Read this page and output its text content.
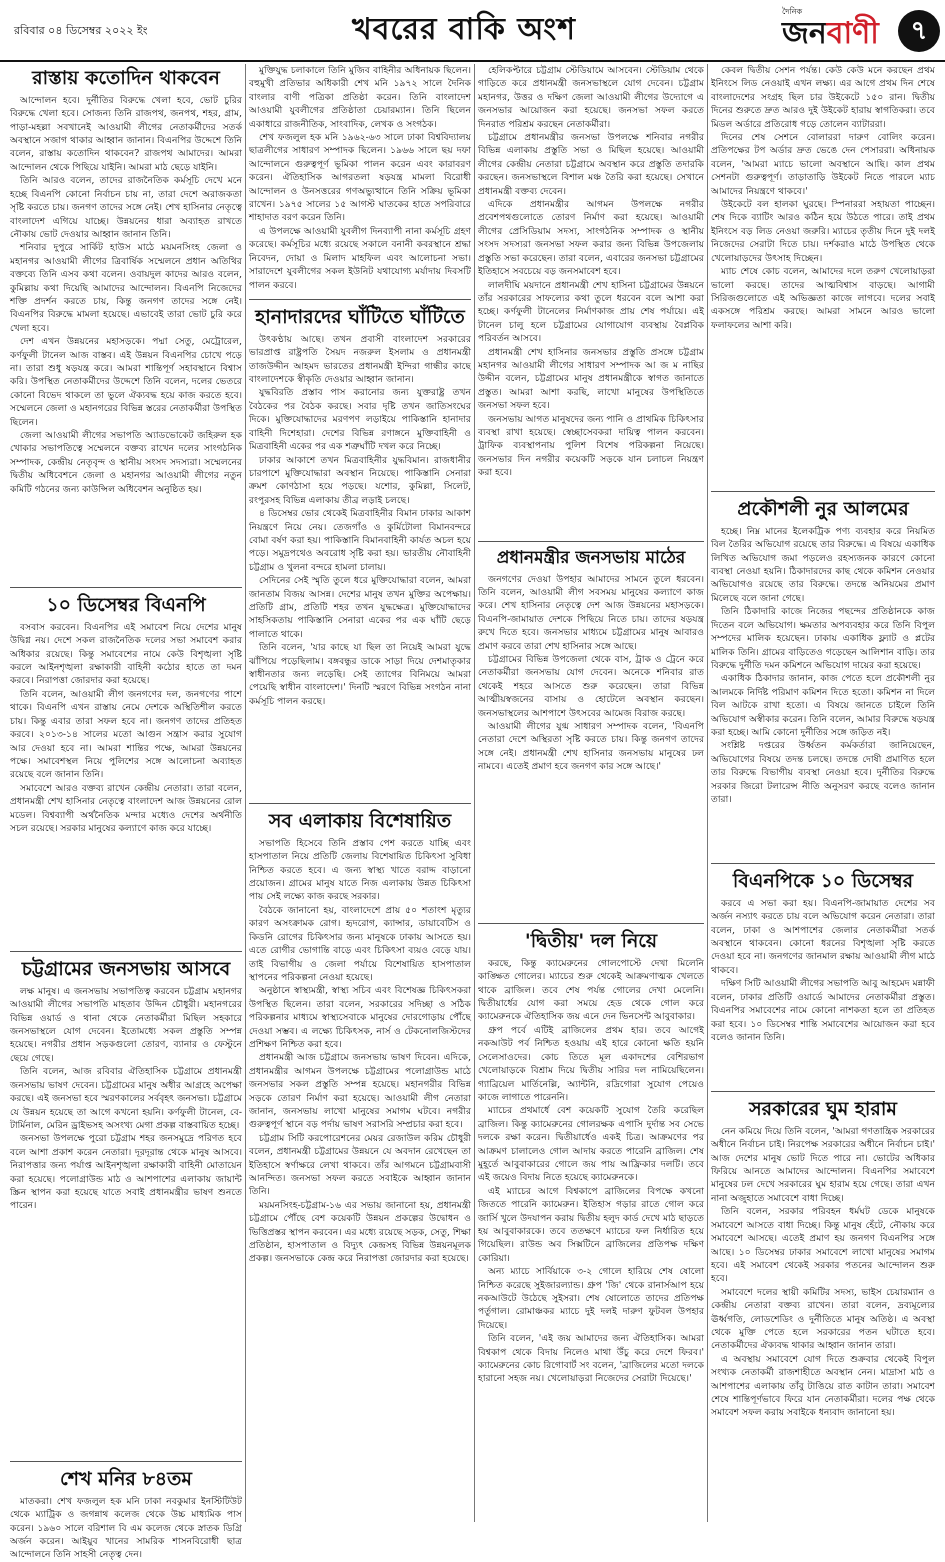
রবিবার ০৪ ডিসেম্বর ২০২২ ইং	খবরের বাকি অংশ
দৈনিক
জনবাণী	৭
রাস্তায় কতোদিন থাকবেন

আন্দোলন হবে। দুর্নীতির বিরুদ্ধে খেলা হবে, ভোট চুরির বিরুদ্ধে খেলা হবে। সোজন্য তিনি রাজপথ, জনপথ, শহর, গ্রাম, পাড়া-মহল্লা সবখানেই আওয়ামী লীগের নেতাকর্মীদের সতর্ক অবস্থানে সজাগ থাকার আহ্বান জানান। বিএনপির উদ্দেশে তিনি বলেন, রাস্তায় কতোদিন থাকবেন? রাজপথ আমাদের। আমরা আন্দোলন থেকে পিছিয়ে যাইনি। আমরা মাঠ ছেড়ে যাইনি।

তিনি আরও বলেন, তাদের রাজনৈতিক কর্মসূচি দেখে মনে হচ্ছে বিএনপি কোনো নির্বাচন চায় না, তারা দেশে অরাজকতা সৃষ্টি করতে চায়। জনগণ তাদের সঙ্গে নেই। শেখ হাসিনার নেতৃত্বে বাংলাদেশ এগিয়ে যাচ্ছে। উন্নয়নের ধারা অব্যাহত রাখতে নৌকায় ভোট দেওয়ার আহ্বান জানান তিনি।

শনিবার দুপুরে সার্কিট হাউস মাঠে ময়মনসিংহ জেলা ও মহানগর আওয়ামী লীগের ত্রিবার্ষিক সম্মেলনে প্রধান অতিথির বক্তব্যে তিনি এসব কথা বলেন। ওবায়দুল কাদের আরও বলেন, কুমিল্লায় কথা দিয়েছি আমাদের আন্দোলন। বিএনপি নিজেদের শক্তি প্রদর্শন করতে চায়, কিন্তু জনগণ তাদের সঙ্গে নেই। বিএনপির বিরুদ্ধে মামলা হয়েছে। এভাবেই তারা ভোট চুরি করে খেলা হবে।

দেশ এখন উন্নয়নের মহাসড়কে। পদ্মা সেতু, মেট্রোরেল, কর্ণফুলী টানেল আজ বাস্তব। এই উন্নয়ন বিএনপির চোখে পড়ে না। তারা শুধু ষড়যন্ত্র করে। আমরা শান্তিপূর্ণ সহাবস্থানে বিশ্বাস করি। উপস্থিত নেতাকর্মীদের উদ্দেশে তিনি বলেন, দলের ভেতরে কোনো বিভেদ থাকলে তা ভুলে ঐক্যবদ্ধ হয়ে কাজ করতে হবে। সম্মেলনে জেলা ও মহানগরের বিভিন্ন স্তরের নেতাকর্মীরা উপস্থিত ছিলেন।

জেলা আওয়ামী লীগের সভাপতি অ্যাডভোকেট জহিরুল হক খোকার সভাপতিত্বে সম্মেলনে বক্তব্য রাখেন দলের সাংগঠনিক সম্পাদক, কেন্দ্রীয় নেতৃবৃন্দ ও স্থানীয় সংসদ সদস্যরা। সম্মেলনের দ্বিতীয় অধিবেশনে জেলা ও মহানগর আওয়ামী লীগের নতুন কমিটি গঠনের জন্য কাউন্সিল অধিবেশন অনুষ্ঠিত হয়।

১০ ডিসেম্বর বিএনপি

বসবাস করবেন। বিএনপির এই সমাবেশ নিয়ে দেশের মানুষ উদ্বিগ্ন নয়। দেশে সকল রাজনৈতিক দলের সভা সমাবেশ করার অধিকার রয়েছে। কিন্তু সমাবেশের নামে কেউ বিশৃঙ্খলা সৃষ্টি করলে আইনশৃঙ্খলা রক্ষাকারী বাহিনী কঠোর হাতে তা দমন করবে। নিরাপত্তা জোরদার করা হয়েছে।

তিনি বলেন, আওয়ামী লীগ জনগণের দল, জনগণের পাশে থাকে। বিএনপি এখন রাস্তায় নেমে দেশকে অস্থিতিশীল করতে চায়। কিন্তু এবার তারা সফল হবে না। জনগণ তাদের প্রতিহত করবে। ২০১৩-১৪ সালের মতো আগুন সন্ত্রাস করার সুযোগ আর দেওয়া হবে না। আমরা শান্তির পক্ষে, আমরা উন্নয়নের পক্ষে। সমাবেশস্থল নিয়ে পুলিশের সঙ্গে আলোচনা অব্যাহত রয়েছে বলে জানান তিনি।

সমাবেশে আরও বক্তব্য রাখেন কেন্দ্রীয় নেতারা। তারা বলেন, প্রধানমন্ত্রী শেখ হাসিনার নেতৃত্বে বাংলাদেশ আজ উন্নয়নের রোল মডেল। বিশ্বব্যাপী অর্থনৈতিক মন্দার মধ্যেও দেশের অর্থনীতি সচল রয়েছে। সরকার মানুষের কল্যাণে কাজ করে যাচ্ছে।

চট্টগ্রামের জনসভায় আসবে

লক্ষ মানুষ। এ জনসভায় সভাপতিত্ব করবেন চট্টগ্রাম মহানগর আওয়ামী লীগের সভাপতি মাহতাব উদ্দিন চৌধুরী। মহানগরের বিভিন্ন ওয়ার্ড ও থানা থেকে নেতাকর্মীরা মিছিল সহকারে জনসভাস্থলে যোগ দেবেন। ইতোমধ্যে সকল প্রস্তুতি সম্পন্ন হয়েছে। নগরীর প্রধান সড়কগুলো তোরণ, ব্যানার ও ফেস্টুনে ছেয়ে গেছে।

তিনি বলেন, আজ রবিবার ঐতিহাসিক চট্টগ্রামে প্রধানমন্ত্রী জনসভায় ভাষণ দেবেন। চট্টগ্রামের মানুষ অধীর আগ্রহে অপেক্ষা করছে। এই জনসভা হবে স্মরণকালের সর্ববৃহৎ জনসভা। চট্টগ্রামে যে উন্নয়ন হয়েছে তা আগে কখনো হয়নি। কর্ণফুলী টানেল, বে-টার্মিনাল, মেরিন ড্রাইভসহ অসংখ্য মেগা প্রকল্প বাস্তবায়িত হচ্ছে।

জনসভা উপলক্ষে পুরো চট্টগ্রাম শহর জনসমুদ্রে পরিণত হবে বলে আশা প্রকাশ করেন নেতারা। দূরদূরান্ত থেকে মানুষ আসবে। নিরাপত্তার জন্য পর্যাপ্ত আইনশৃঙ্খলা রক্ষাকারী বাহিনী মোতায়েন করা হয়েছে। পলোগ্রাউন্ড মাঠ ও আশপাশের এলাকায় জায়ান্ট স্ক্রিন স্থাপন করা হয়েছে যাতে সবাই প্রধানমন্ত্রীর ভাষণ শুনতে পারেন।

শেখ মনির ৮৪তম

মাতকরা। শেখ ফজলুল হক মনি ঢাকা নবকুমার ইনস্টিটিউট থেকে ম্যাট্রিক ও জগন্নাথ কলেজ থেকে উচ্চ মাধ্যমিক পাস করেন। ১৯৬০ সালে বরিশাল বি এম কলেজ থেকে স্নাতক ডিগ্রি অর্জন করেন। আইয়ুব খানের সামরিক শাসনবিরোধী ছাত্র আন্দোলনে তিনি সাহসী নেতৃত্ব দেন।

মুক্তিযুদ্ধ চলাকালে তিনি মুজিব বাহিনীর অধিনায়ক ছিলেন। বহুমুখী প্রতিভার অধিকারী শেখ মনি ১৯৭২ সালে দৈনিক বাংলার বাণী পত্রিকা প্রতিষ্ঠা করেন। তিনি বাংলাদেশ আওয়ামী যুবলীগের প্রতিষ্ঠাতা চেয়ারম্যান। তিনি ছিলেন একাধারে রাজনীতিক, সাংবাদিক, লেখক ও সংগঠক।

শেখ ফজলুল হক মনি ১৯৬২-৬৩ সালে ঢাকা বিশ্ববিদ্যালয় ছাত্রলীগের সাধারণ সম্পাদক ছিলেন। ১৯৬৬ সালে ছয় দফা আন্দোলনে গুরুত্বপূর্ণ ভূমিকা পালন করেন এবং কারাবরণ করেন। ঐতিহাসিক আগরতলা ষড়যন্ত্র মামলা বিরোধী আন্দোলন ও উনসত্তরের গণঅভ্যুত্থানে তিনি সক্রিয় ভূমিকা রাখেন। ১৯৭৫ সালের ১৫ আগস্ট ঘাতকের হাতে সপরিবারে শাহাদাত বরণ করেন তিনি।

এ উপলক্ষে আওয়ামী যুবলীগ দিনব্যাপী নানা কর্মসূচি গ্রহণ করেছে। কর্মসূচির মধ্যে রয়েছে সকালে বনানী কবরস্থানে শ্রদ্ধা নিবেদন, দোয়া ও মিলাদ মাহফিল এবং আলোচনা সভা। সারাদেশে যুবলীগের সকল ইউনিট যথাযোগ্য মর্যাদায় দিবসটি পালন করবে।

হানাদারদের ঘাঁটিতে ঘাঁটিতে

উৎকণ্ঠায় আছে। তখন প্রবাসী বাংলাদেশ সরকারের ভারপ্রাপ্ত রাষ্ট্রপতি সৈয়দ নজরুল ইসলাম ও প্রধানমন্ত্রী তাজউদ্দীন আহমদ ভারতের প্রধানমন্ত্রী ইন্দিরা গান্ধীর কাছে বাংলাদেশকে স্বীকৃতি দেওয়ার আহ্বান জানান।

যুদ্ধবিরতি প্রস্তাব পাস করানোর জন্য যুক্তরাষ্ট্র তখন বৈঠকের পর বৈঠক করছে। সবার দৃষ্টি তখন জাতিসংঘের দিকে। মুক্তিযোদ্ধাদের মরণপণ লড়াইয়ে পাকিস্তানি হানাদার বাহিনী দিশেহারা। দেশের বিভিন্ন রণাঙ্গনে মুক্তিবাহিনী ও মিত্রবাহিনী একের পর এক শত্রুঘাঁটি দখল করে নিচ্ছে।

ঢাকার আকাশে তখন মিত্রবাহিনীর যুদ্ধবিমান। রাজধানীর চারপাশে মুক্তিযোদ্ধারা অবস্থান নিয়েছে। পাকিস্তানি সেনারা ক্রমশ কোণঠাসা হয়ে পড়ছে। যশোর, কুমিল্লা, সিলেট, রংপুরসহ বিভিন্ন এলাকায় তীব্র লড়াই চলছে।

৪ ডিসেম্বর ভোর থেকেই মিত্রবাহিনীর বিমান ঢাকার আকাশ নিয়ন্ত্রণে নিয়ে নেয়। তেজগাঁও ও কুর্মিটোলা বিমানবন্দরে বোমা বর্ষণ করা হয়। পাকিস্তানি বিমানবাহিনী কার্যত অচল হয়ে পড়ে। সমুদ্রপথেও অবরোধ সৃষ্টি করা হয়। ভারতীয় নৌবাহিনী চট্টগ্রাম ও খুলনা বন্দরে হামলা চালায়।

সেদিনের সেই স্মৃতি তুলে ধরে মুক্তিযোদ্ধারা বলেন, আমরা জানতাম বিজয় আসন্ন। দেশের মানুষ তখন মুক্তির অপেক্ষায়। প্রতিটি গ্রাম, প্রতিটি শহর তখন যুদ্ধক্ষেত্র। মুক্তিযোদ্ধাদের সাহসিকতায় পাকিস্তানি সেনারা একের পর এক ঘাঁটি ছেড়ে পালাতে থাকে।

তিনি বলেন, 'যার কাছে যা ছিল তা নিয়েই আমরা যুদ্ধে ঝাঁপিয়ে পড়েছিলাম। বঙ্গবন্ধুর ডাকে সাড়া দিয়ে দেশমাতৃকার স্বাধীনতার জন্য লড়েছি। সেই ত্যাগের বিনিময়ে আমরা পেয়েছি স্বাধীন বাংলাদেশ।' দিনটি স্মরণে বিভিন্ন সংগঠন নানা কর্মসূচি পালন করছে।

সব এলাকায় বিশেষায়িত

সভাপতি হিসেবে তিনি প্রস্তাব পেশ করতে যাচ্ছি এবং হাসপাতাল নিয়ে প্রতিটি জেলায় বিশেষায়িত চিকিৎসা সুবিধা নিশ্চিত করতে হবে। এ জন্য স্বাস্থ্য খাতে বরাদ্দ বাড়ানো প্রয়োজন। গ্রামের মানুষ যাতে নিজ এলাকায় উন্নত চিকিৎসা পায় সেই লক্ষ্যে কাজ করছে সরকার।

বৈঠকে জানানো হয়, বাংলাদেশে প্রায় ৫০ শতাংশ মৃত্যুর কারণ অসংক্রামক রোগ। হৃদরোগ, ক্যান্সার, ডায়াবেটিস ও কিডনি রোগের চিকিৎসার জন্য মানুষকে ঢাকায় আসতে হয়। এতে রোগীর ভোগান্তি বাড়ে এবং চিকিৎসা ব্যয়ও বেড়ে যায়। তাই বিভাগীয় ও জেলা পর্যায়ে বিশেষায়িত হাসপাতাল স্থাপনের পরিকল্পনা নেওয়া হয়েছে।

অনুষ্ঠানে স্বাস্থ্যমন্ত্রী, স্বাস্থ্য সচিব এবং বিশেষজ্ঞ চিকিৎসকরা উপস্থিত ছিলেন। তারা বলেন, সরকারের সদিচ্ছা ও সঠিক পরিকল্পনার মাধ্যমে স্বাস্থ্যসেবাকে মানুষের দোরগোড়ায় পৌঁছে দেওয়া সম্ভব। এ লক্ষ্যে চিকিৎসক, নার্স ও টেকনোলজিস্টদের প্রশিক্ষণ নিশ্চিত করা হবে।

প্রধানমন্ত্রী আজ চট্টগ্রামে জনসভায় ভাষণ দিবেন। এদিকে, প্রধানমন্ত্রীর আগমন উপলক্ষে চট্টগ্রামের পলোগ্রাউন্ড মাঠে জনসভার সকল প্রস্তুতি সম্পন্ন হয়েছে। মহানগরীর বিভিন্ন সড়কে তোরণ নির্মাণ করা হয়েছে। আওয়ামী লীগ নেতারা জানান, জনসভায় লাখো মানুষের সমাগম ঘটবে। নগরীর গুরুত্বপূর্ণ স্থানে বড় পর্দায় ভাষণ সরাসরি সম্প্রচার করা হবে।

চট্টগ্রাম সিটি করপোরেশনের মেয়র রেজাউল করিম চৌধুরী বলেন, প্রধানমন্ত্রী চট্টগ্রামের উন্নয়নে যে অবদান রেখেছেন তা ইতিহাসে স্বর্ণাক্ষরে লেখা থাকবে। তাঁর আগমনে চট্টগ্রামবাসী আনন্দিত। জনসভা সফল করতে সবাইকে আহ্বান জানান তিনি।

ময়মনসিংহ-চট্টগ্রাম-১৬ এর সভায় জানানো হয়, প্রধানমন্ত্রী চট্টগ্রামে পৌঁছে বেশ কয়েকটি উন্নয়ন প্রকল্পের উদ্বোধন ও ভিত্তিপ্রস্তর স্থাপন করবেন। এর মধ্যে রয়েছে সড়ক, সেতু, শিক্ষা প্রতিষ্ঠান, হাসপাতাল ও বিদ্যুৎ কেন্দ্রসহ বিভিন্ন উন্নয়নমূলক প্রকল্প। জনসভাকে কেন্দ্র করে নিরাপত্তা জোরদার করা হয়েছে।

হেলিকপ্টারে চট্টগ্রাম স্টেডিয়ামে আসবেন। স্টেডিয়াম থেকে গাড়িতে করে প্রধানমন্ত্রী জনসভাস্থলে যোগ দেবেন। চট্টগ্রাম মহানগর, উত্তর ও দক্ষিণ জেলা আওয়ামী লীগের উদ্যোগে এ জনসভার আয়োজন করা হয়েছে। জনসভা সফল করতে দিনরাত পরিশ্রম করছেন নেতাকর্মীরা।

চট্টগ্রামে প্রধানমন্ত্রীর জনসভা উপলক্ষে শনিবার নগরীর বিভিন্ন এলাকায় প্রস্তুতি সভা ও মিছিল হয়েছে। আওয়ামী লীগের কেন্দ্রীয় নেতারা চট্টগ্রামে অবস্থান করে প্রস্তুতি তদারকি করছেন। জনসভাস্থলে বিশাল মঞ্চ তৈরি করা হয়েছে। সেখানে প্রধানমন্ত্রী বক্তব্য দেবেন।

এদিকে প্রধানমন্ত্রীর আগমন উপলক্ষে নগরীর প্রবেশপথগুলোতে তোরণ নির্মাণ করা হয়েছে। আওয়ামী লীগের প্রেসিডিয়াম সদস্য, সাংগঠনিক সম্পাদক ও স্থানীয় সংসদ সদস্যরা জনসভা সফল করার জন্য বিভিন্ন উপজেলায় প্রস্তুতি সভা করেছেন। তারা বলেন, এবারের জনসভা চট্টগ্রামের ইতিহাসে সবচেয়ে বড় জনসমাবেশ হবে।

লালদীঘি ময়দানে প্রধানমন্ত্রী শেখ হাসিনা চট্টগ্রামের উন্নয়নে তাঁর সরকারের সাফল্যের কথা তুলে ধরবেন বলে আশা করা হচ্ছে। কর্ণফুলী টানেলের নির্মাণকাজ প্রায় শেষ পর্যায়ে। এই টানেল চালু হলে চট্টগ্রামের যোগাযোগ ব্যবস্থায় বৈপ্লবিক পরিবর্তন আসবে।

প্রধানমন্ত্রী শেখ হাসিনার জনসভার প্রস্তুতি প্রসঙ্গে চট্টগ্রাম মহানগর আওয়ামী লীগের সাধারণ সম্পাদক আ জ ম নাছির উদ্দীন বলেন, চট্টগ্রামের মানুষ প্রধানমন্ত্রীকে স্বাগত জানাতে প্রস্তুত। আমরা আশা করছি, লাখো মানুষের উপস্থিতিতে জনসভা সফল হবে।

জনসভায় আগত মানুষদের জন্য পানি ও প্রাথমিক চিকিৎসার ব্যবস্থা রাখা হয়েছে। স্বেচ্ছাসেবকরা দায়িত্ব পালন করবেন। ট্রাফিক ব্যবস্থাপনায় পুলিশ বিশেষ পরিকল্পনা নিয়েছে। জনসভার দিন নগরীর কয়েকটি সড়কে যান চলাচল নিয়ন্ত্রণ করা হবে।

প্রধানমন্ত্রীর জনসভায় মাঠের

জনগণের দেওয়া উপহার আমাদের সামনে তুলে ধরবেন। তিনি বলেন, আওয়ামী লীগ সবসময় মানুষের কল্যাণে কাজ করে। শেখ হাসিনার নেতৃত্বে দেশ আজ উন্নয়নের মহাসড়কে। বিএনপি-জামায়াত দেশকে পিছিয়ে নিতে চায়। তাদের ষড়যন্ত্র রুখে দিতে হবে। জনসভার মাধ্যমে চট্টগ্রামের মানুষ আবারও প্রমাণ করবে তারা শেখ হাসিনার সঙ্গে আছে।

চট্টগ্রামের বিভিন্ন উপজেলা থেকে বাস, ট্রাক ও ট্রেনে করে নেতাকর্মীরা জনসভায় যোগ দেবেন। অনেকে শনিবার রাত থেকেই শহরে আসতে শুরু করেছেন। তারা বিভিন্ন আত্মীয়স্বজনের বাসায় ও হোটেলে অবস্থান করছেন। জনসভাস্থলের আশপাশে উৎসবের আমেজ বিরাজ করছে।

আওয়ামী লীগের যুগ্ম সাধারণ সম্পাদক বলেন, 'বিএনপি নেতারা দেশে অস্থিরতা সৃষ্টি করতে চায়। কিন্তু জনগণ তাদের সঙ্গে নেই। প্রধানমন্ত্রী শেখ হাসিনার জনসভায় মানুষের ঢল নামবে। এতেই প্রমাণ হবে জনগণ কার সঙ্গে আছে।'

'দ্বিতীয়' দল নিয়ে

করছে, কিন্তু ক্যামেরুনের গোলপোস্টে দেখা মিলেনি কাঙ্ক্ষিত গোলের। ম্যাচের শুরু থেকেই আক্রমণাত্মক খেলতে থাকে ব্রাজিল। তবে শেষ পর্যন্ত গোলের দেখা মেলেনি। দ্বিতীয়ার্ধের যোগ করা সময়ে হেড থেকে গোল করে ক্যামেরুনকে ঐতিহাসিক জয় এনে দেন ভিনসেন্ট আবুবাকার।

গ্রুপ পর্বে এটিই ব্রাজিলের প্রথম হার। তবে আগেই নকআউট পর্ব নিশ্চিত হওয়ায় এই হারে কোনো ক্ষতি হয়নি সেলেসাওদের। কোচ তিতে মূল একাদশের বেশিরভাগ খেলোয়াড়কে বিশ্রাম দিয়ে দ্বিতীয় সারির দল নামিয়েছিলেন। গ্যাব্রিয়েল মার্তিনেল্লি, অ্যান্টনি, রদ্রিগোরা সুযোগ পেয়েও কাজে লাগাতে পারেননি।

ম্যাচের প্রথমার্ধে বেশ কয়েকটি সুযোগ তৈরি করেছিল ব্রাজিল। কিন্তু ক্যামেরুনের গোলরক্ষক এপাসি দুর্দান্ত সব সেভে দলকে রক্ষা করেন। দ্বিতীয়ার্ধেও একই চিত্র। আক্রমণের পর আক্রমণ চালালেও গোল আদায় করতে পারেনি ব্রাজিল। শেষ মুহূর্তে আবুবাকারের গোলে জয় পায় আফ্রিকার দলটি। তবে এই জয়েও বিদায় নিতে হয়েছে ক্যামেরুনকে।

এই ম্যাচের আগে বিশ্বকাপে ব্রাজিলের বিপক্ষে কখনো জিততে পারেনি ক্যামেরুন। ইতিহাস গড়ার রাতে গোল করে জার্সি খুলে উদযাপন করায় দ্বিতীয় হলুদ কার্ড দেখে মাঠ ছাড়তে হয় আবুবাকারকে। তবে ততক্ষণে ম্যাচের ফল নির্ধারিত হয়ে গিয়েছিল। রাউন্ড অব সিক্সটিনে ব্রাজিলের প্রতিপক্ষ দক্ষিণ কোরিয়া।

অন্য ম্যাচে সার্বিয়াকে ৩-২ গোলে হারিয়ে শেষ ষোলো নিশ্চিত করেছে সুইজারল্যান্ড। গ্রুপ 'জি' থেকে রানার্সআপ হয়ে নকআউটে উঠেছে সুইসরা। শেষ ষোলোতে তাদের প্রতিপক্ষ পর্তুগাল। রোমাঞ্চকর ম্যাচে দুই দলই দারুণ ফুটবল উপহার দিয়েছে।

তিনি বলেন, 'এই জয় আমাদের জন্য ঐতিহাসিক। আমরা বিশ্বকাপ থেকে বিদায় নিলেও মাথা উঁচু করে দেশে ফিরব।' ক্যামেরুনের কোচ রিগোবার্ট সং বলেন, 'ব্রাজিলের মতো দলকে হারানো সহজ নয়। খেলোয়াড়রা নিজেদের সেরাটা দিয়েছে।'

কেবল দ্বিতীয় সেশন পর্যন্ত। কেউ কেউ মনে করছেন প্রথম ইনিংসে লিড নেওয়াই এখন লক্ষ্য। এর আগে প্রথম দিন শেষে বাংলাদেশের সংগ্রহ ছিল চার উইকেটে ১৫০ রান। দ্বিতীয় দিনের শুরুতে দ্রুত আরও দুই উইকেট হারায় স্বাগতিকরা। তবে মিডল অর্ডারে প্রতিরোধ গড়ে তোলেন ব্যাটাররা।

দিনের শেষ সেশনে বোলাররা দারুণ বোলিং করেন। প্রতিপক্ষের টপ অর্ডার দ্রুত ভেঙে দেন পেসাররা। অধিনায়ক বলেন, 'আমরা ম্যাচে ভালো অবস্থানে আছি। কাল প্রথম সেশনটা গুরুত্বপূর্ণ। তাড়াতাড়ি উইকেট নিতে পারলে ম্যাচ আমাদের নিয়ন্ত্রণে থাকবে।'

উইকেটে বল হালকা ঘুরছে। স্পিনাররা সহায়তা পাচ্ছেন। শেষ দিকে ব্যাটিং আরও কঠিন হয়ে উঠতে পারে। তাই প্রথম ইনিংসে বড় লিড নেওয়া জরুরি। ম্যাচের তৃতীয় দিনে দুই দলই নিজেদের সেরাটা দিতে চায়। দর্শকরাও মাঠে উপস্থিত থেকে খেলোয়াড়দের উৎসাহ দিচ্ছেন।

ম্যাচ শেষে কোচ বলেন, আমাদের দলে তরুণ খেলোয়াড়রা ভালো করছে। তাদের আত্মবিশ্বাস বাড়ছে। আগামী সিরিজগুলোতে এই অভিজ্ঞতা কাজে লাগবে। দলের সবাই একসঙ্গে পরিশ্রম করছে। আমরা সামনে আরও ভালো ফলাফলের আশা করি।

প্রকৌশলী নুর আলমের

হচ্ছে। নিম্ন মানের ইলেকট্রিক পণ্য ব্যবহার করে নিয়মিত বিল তৈরির অভিযোগ রয়েছে তার বিরুদ্ধে। এ বিষয়ে একাধিক লিখিত অভিযোগ জমা পড়লেও রহস্যজনক কারণে কোনো ব্যবস্থা নেওয়া হয়নি। ঠিকাদারদের কাছ থেকে কমিশন নেওয়ার অভিযোগও রয়েছে তার বিরুদ্ধে। তদন্তে অনিয়মের প্রমাণ মিলেছে বলে জানা গেছে।

তিনি ঠিকাদারি কাজে নিজের পছন্দের প্রতিষ্ঠানকে কাজ দিতেন বলে অভিযোগ। ক্ষমতার অপব্যবহার করে তিনি বিপুল সম্পদের মালিক হয়েছেন। ঢাকায় একাধিক ফ্ল্যাট ও প্লটের মালিক তিনি। গ্রামের বাড়িতেও গড়েছেন আলিশান বাড়ি। তার বিরুদ্ধে দুর্নীতি দমন কমিশনে অভিযোগ দায়ের করা হয়েছে।

একাধিক ঠিকাদার জানান, কাজ পেতে হলে প্রকৌশলী নুর আলমকে নির্দিষ্ট পরিমাণ কমিশন দিতে হতো। কমিশন না দিলে বিল আটকে রাখা হতো। এ বিষয়ে জানতে চাইলে তিনি অভিযোগ অস্বীকার করেন। তিনি বলেন, আমার বিরুদ্ধে ষড়যন্ত্র করা হচ্ছে। আমি কোনো দুর্নীতির সঙ্গে জড়িত নই।

সংশ্লিষ্ট দপ্তরের উর্ধ্বতন কর্মকর্তারা জানিয়েছেন, অভিযোগের বিষয়ে তদন্ত চলছে। তদন্তে দোষী প্রমাণিত হলে তার বিরুদ্ধে বিভাগীয় ব্যবস্থা নেওয়া হবে। দুর্নীতির বিরুদ্ধে সরকার জিরো টলারেন্স নীতি অনুসরণ করছে বলেও জানান তারা।

বিএনপিকে ১০ ডিসেম্বর

করবে এ সভা করা হয়। বিএনপি-জামায়াত দেশের সব অর্জন নস্যাৎ করতে চায় বলে অভিযোগ করেন নেতারা। তারা বলেন, ঢাকা ও আশপাশের জেলার নেতাকর্মীরা সতর্ক অবস্থানে থাকবেন। কোনো ধরনের বিশৃঙ্খলা সৃষ্টি করতে দেওয়া হবে না। জনগণের জানমাল রক্ষায় আওয়ামী লীগ মাঠে থাকবে।

দক্ষিণ সিটি আওয়ামী লীগের সভাপতি আবু আহমেদ মন্নাফী বলেন, ঢাকার প্রতিটি ওয়ার্ডে আমাদের নেতাকর্মীরা প্রস্তুত। বিএনপির সমাবেশের নামে কোনো নাশকতা হলে তা প্রতিহত করা হবে। ১০ ডিসেম্বর শান্তি সমাবেশের আয়োজন করা হবে বলেও জানান তিনি।

সরকারের ঘুম হারাম

নেন কমিয়ে দিয়ে তিনি বলেন, 'আমরা গণতান্ত্রিক সরকারের অধীনে নির্বাচন চাই। নিরপেক্ষ সরকারের অধীনে নির্বাচন চাই।' আজ দেশের মানুষ ভোট দিতে পারে না। ভোটের অধিকার ফিরিয়ে আনতে আমাদের আন্দোলন। বিএনপির সমাবেশে মানুষের ঢল দেখে সরকারের ঘুম হারাম হয়ে গেছে। তারা এখন নানা অজুহাতে সমাবেশে বাধা দিচ্ছে।

তিনি বলেন, সরকার পরিবহন ধর্মঘট ডেকে মানুষকে সমাবেশে আসতে বাধা দিচ্ছে। কিন্তু মানুষ হেঁটে, নৌকায় করে সমাবেশে আসছে। এতেই প্রমাণ হয় জনগণ বিএনপির সঙ্গে আছে। ১০ ডিসেম্বর ঢাকার সমাবেশে লাখো মানুষের সমাগম হবে। এই সমাবেশ থেকেই সরকার পতনের আন্দোলন শুরু হবে।

সমাবেশে দলের স্থায়ী কমিটির সদস্য, ভাইস চেয়ারম্যান ও কেন্দ্রীয় নেতারা বক্তব্য রাখেন। তারা বলেন, দ্রব্যমূল্যের ঊর্ধ্বগতি, লোডশেডিং ও দুর্নীতিতে মানুষ অতিষ্ঠ। এ অবস্থা থেকে মুক্তি পেতে হলে সরকারের পতন ঘটাতে হবে। নেতাকর্মীদের ঐক্যবদ্ধ থাকার আহ্বান জানান তারা।

এ অবস্থায় সমাবেশে যোগ দিতে শুক্রবার থেকেই বিপুল সংখ্যক নেতাকর্মী রাজশাহীতে অবস্থান নেন। মাদ্রাসা মাঠ ও আশপাশের এলাকায় তাঁবু টাঙিয়ে রাত কাটান তারা। সমাবেশ শেষে শান্তিপূর্ণভাবে ফিরে যান নেতাকর্মীরা। দলের পক্ষ থেকে সমাবেশ সফল করায় সবাইকে ধন্যবাদ জানানো হয়।
